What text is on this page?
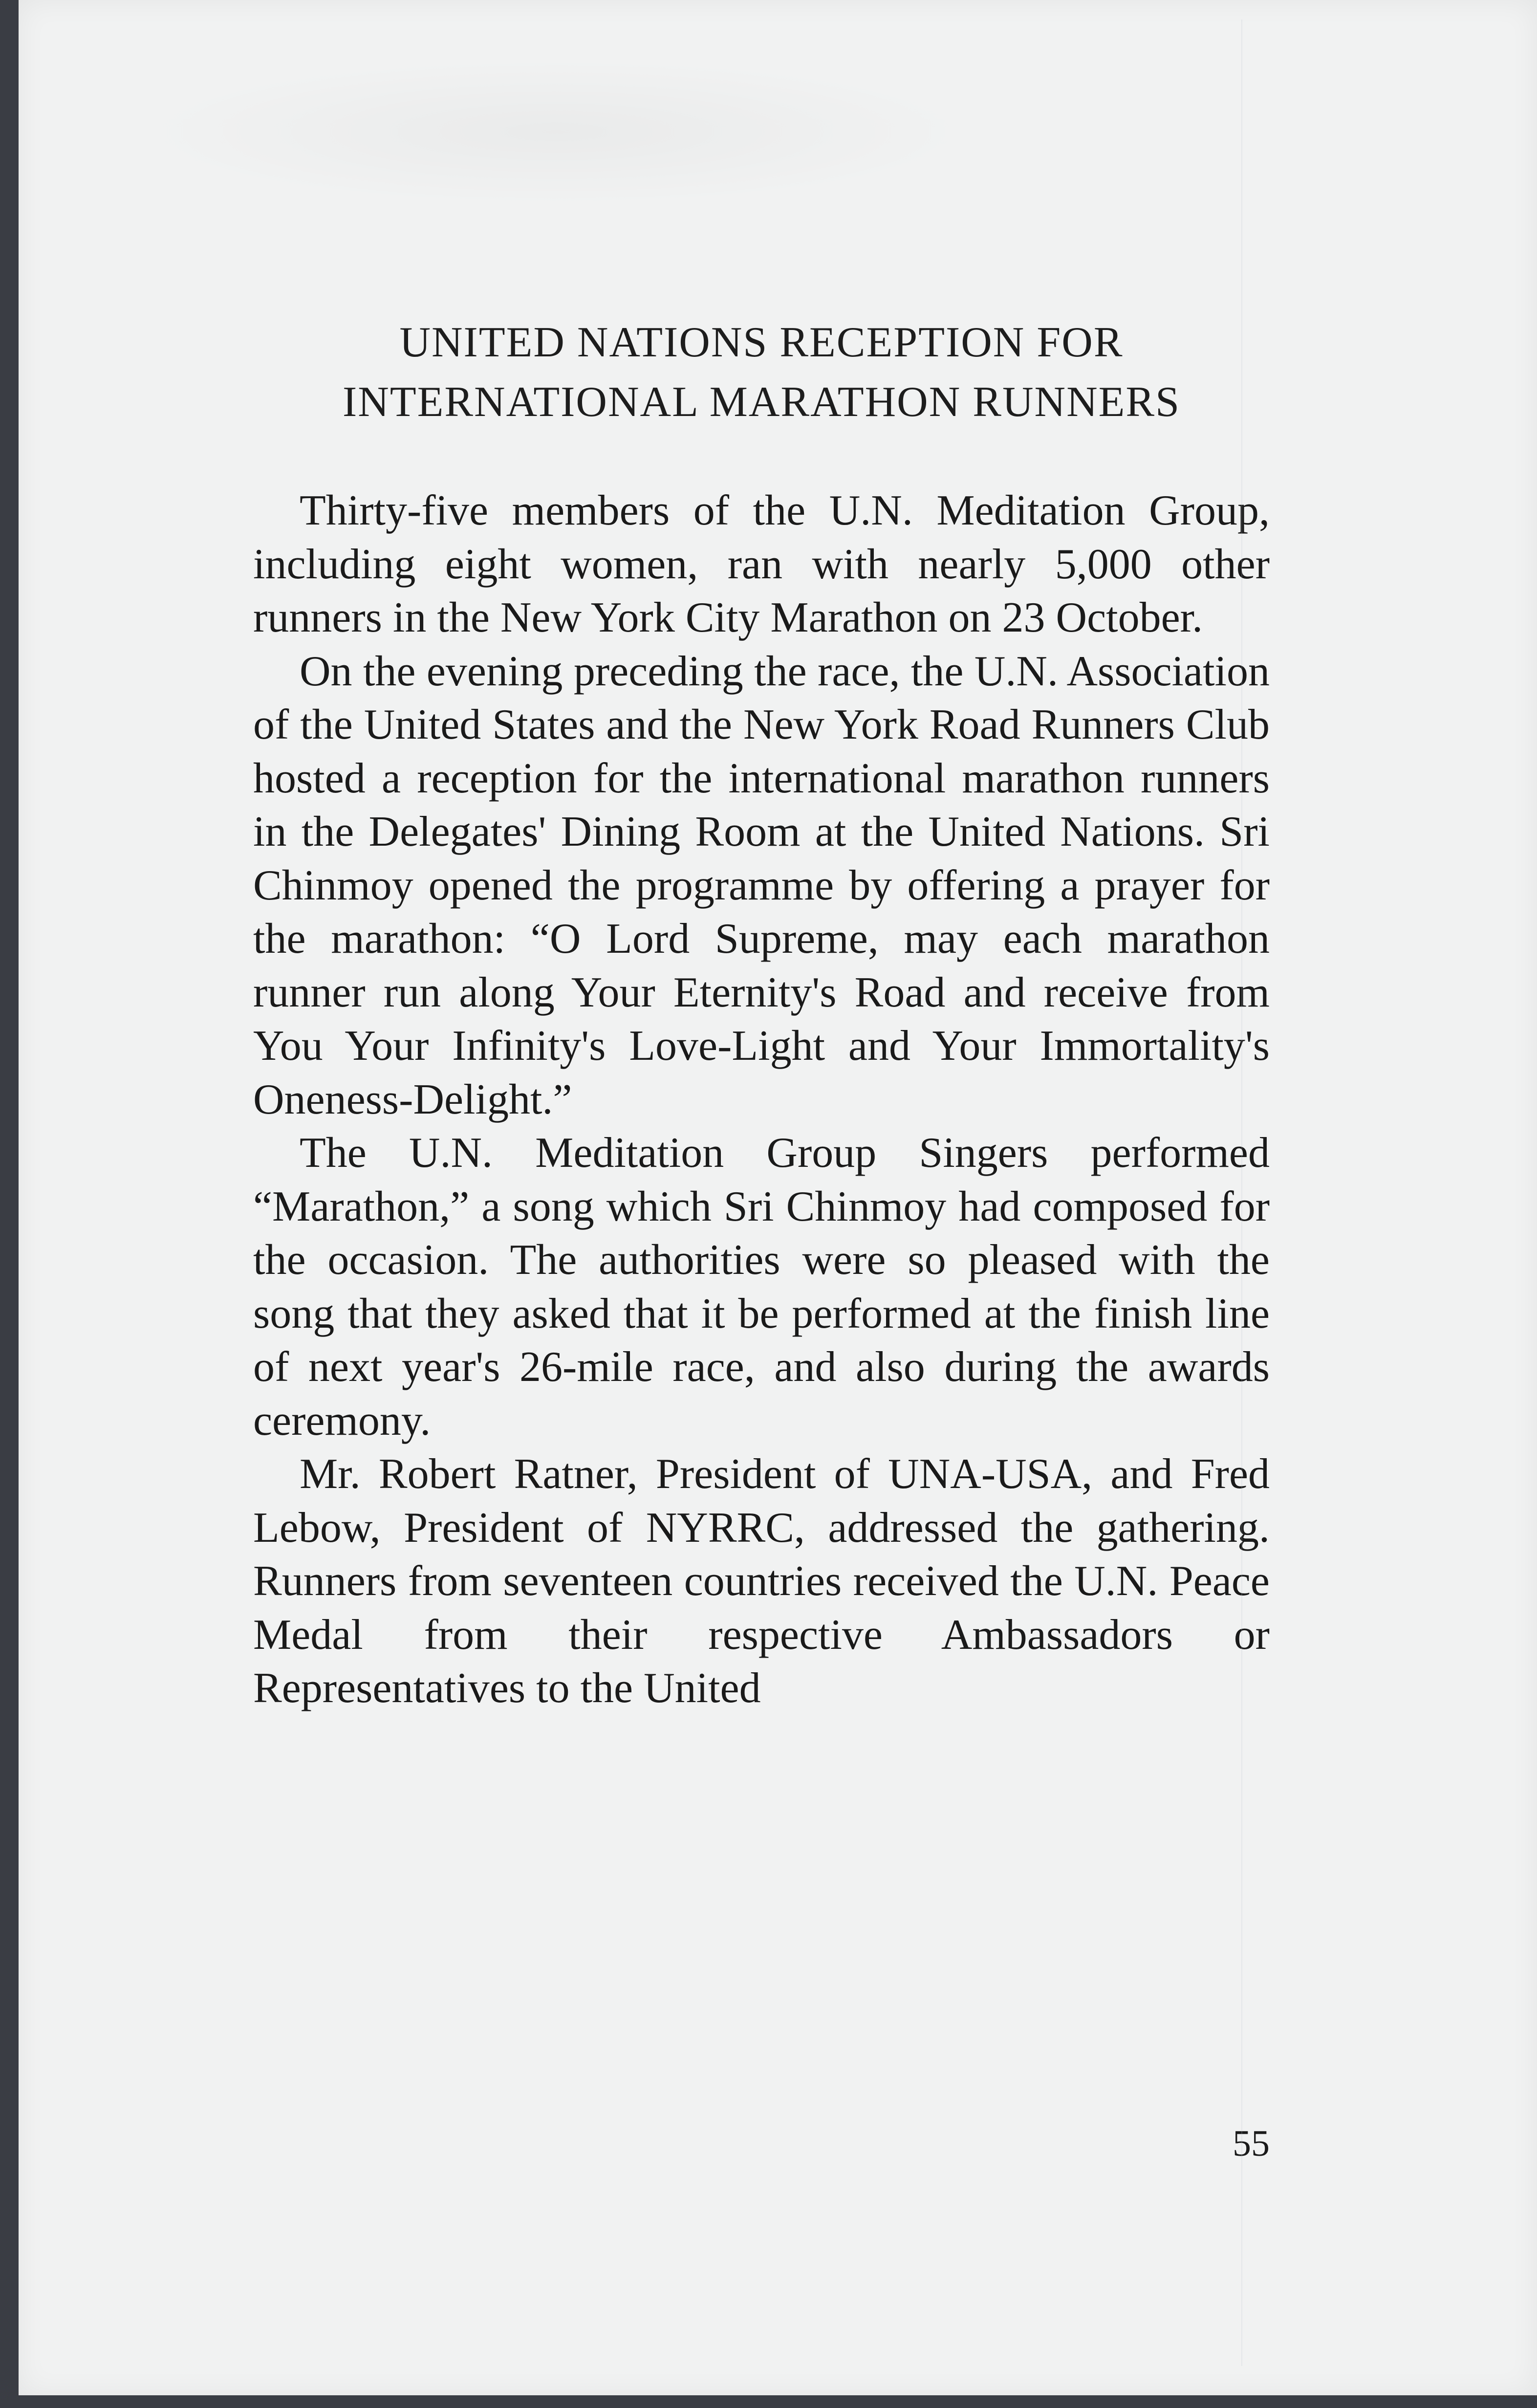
UNITED NATIONS RECEPTION FOR
INTERNATIONAL MARATHON RUNNERS

Thirty-five members of the U.N. Meditation Group, including eight women, ran with nearly 5,000 other runners in the New York City Marathon on 23 October.

On the evening preceding the race, the U.N. Association of the United States and the New York Road Runners Club hosted a reception for the international marathon runners in the Delegates' Dining Room at the United Nations. Sri Chinmoy opened the programme by offering a prayer for the marathon: “O Lord Supreme, may each marathon runner run along Your Eternity's Road and receive from You Your Infinity's Love-Light and Your Immortality's Oneness-Delight.”

The U.N. Meditation Group Singers performed “Marathon,” a song which Sri Chinmoy had composed for the occasion. The authorities were so pleased with the song that they asked that it be performed at the finish line of next year's 26-mile race, and also during the awards ceremony.

Mr. Robert Ratner, President of UNA-USA, and Fred Lebow, President of NYRRC, addressed the gathering. Runners from seventeen countries received the U.N. Peace Medal from their respective Ambassadors or Representatives to the United

55
